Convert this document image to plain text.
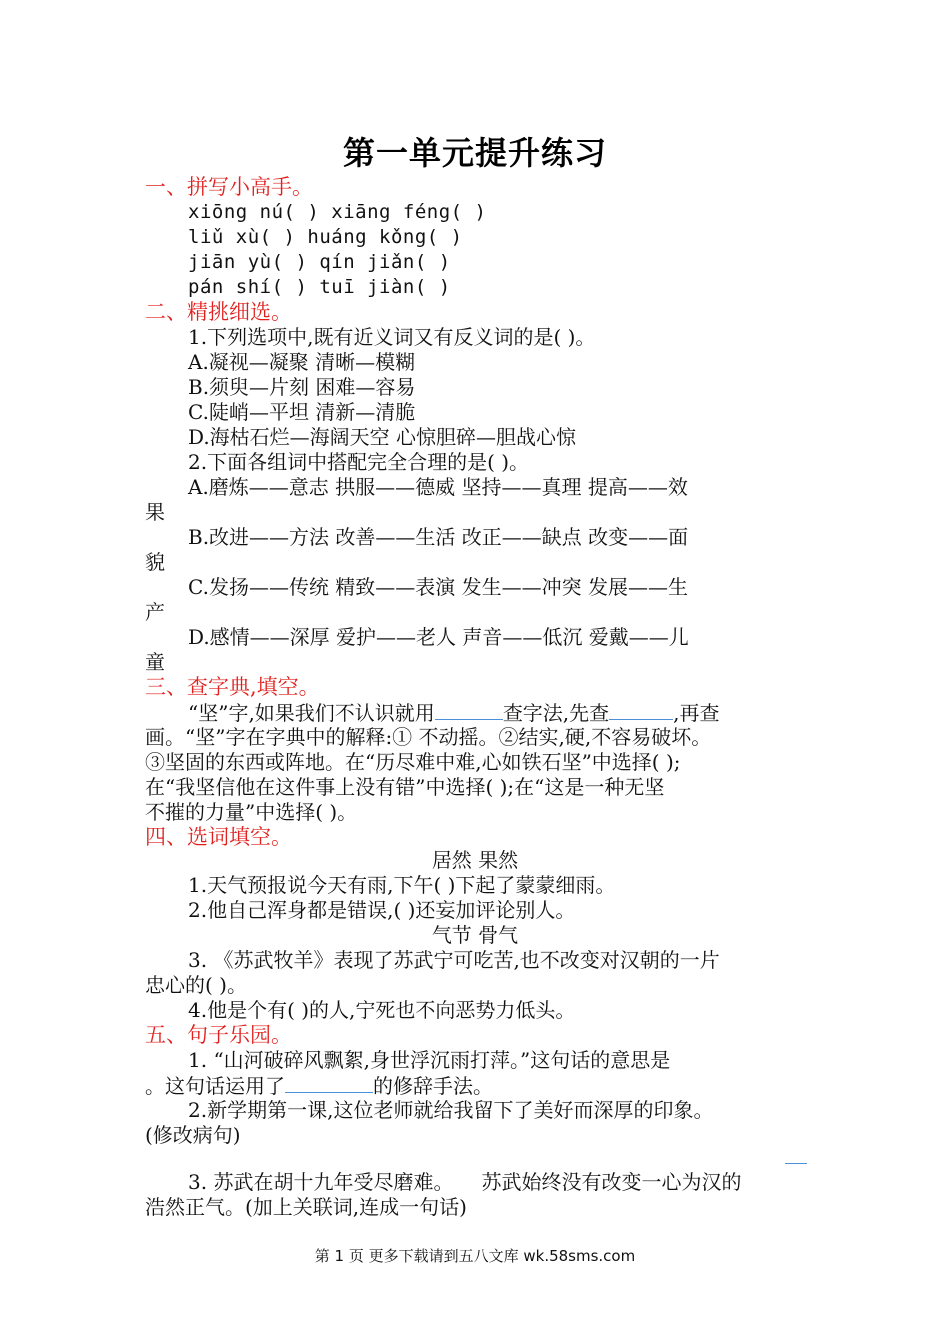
第一单元提升练习
一、拼写小高手。
xiōng nú( ) xiāng féng( )
liǔ xù( ) huáng kǒng( )
jiān yù( ) qín jiǎn( )
pán shí( ) tuī jiàn( )
二、精挑细选。
1.下列选项中,既有近义词又有反义词的是( )。
A.凝视—凝聚 清晰—模糊
B.须臾—片刻 困难—容易
C.陡峭—平坦 清新—清脆
D.海枯石烂—海阔天空 心惊胆碎—胆战心惊
2.下面各组词中搭配完全合理的是( )。
A.磨炼——意志 拱服——德威 坚持——真理 提高——效
果
B.改进——方法 改善——生活 改正——缺点 改变——面
貌
C.发扬——传统 精致——表演 发生——冲突 发展——生
产
D.感情——深厚 爱护——老人 声音——低沉 爱戴——儿
童
三、查字典,填空。
“坚”字,如果我们不认识就用	查字法,先查	,再查
画。“坚”字在字典中的解释:① 不动摇。②结实,硬,不容易破坏。
③坚固的东西或阵地。在“历尽难中难,心如铁石坚”中选择( );
在“我坚信他在这件事上没有错”中选择( );在“这是一种无坚
不摧的力量”中选择( )。
四、选词填空。
居然 果然
1.天气预报说今天有雨,下午( )下起了蒙蒙细雨。
2.他自己浑身都是错误,( )还妄加评论别人。
气节 骨气
3. 《苏武牧羊》表现了苏武宁可吃苦,也不改变对汉朝的一片
忠心的( )。
4.他是个有( )的人,宁死也不向恶势力低头。
五、句子乐园。
1. “山河破碎风飘絮,身世浮沉雨打萍。”这句话的意思是
。这句话运用了	的修辞手法。
2.新学期第一课,这位老师就给我留下了美好而深厚的印象。
(修改病句)
3. 苏武在胡十九年受尽磨难。 苏武始终没有改变一心为汉的
浩然正气。(加上关联词,连成一句话)
第 1 页 更多下载请到五八文库 wk.58sms.com
